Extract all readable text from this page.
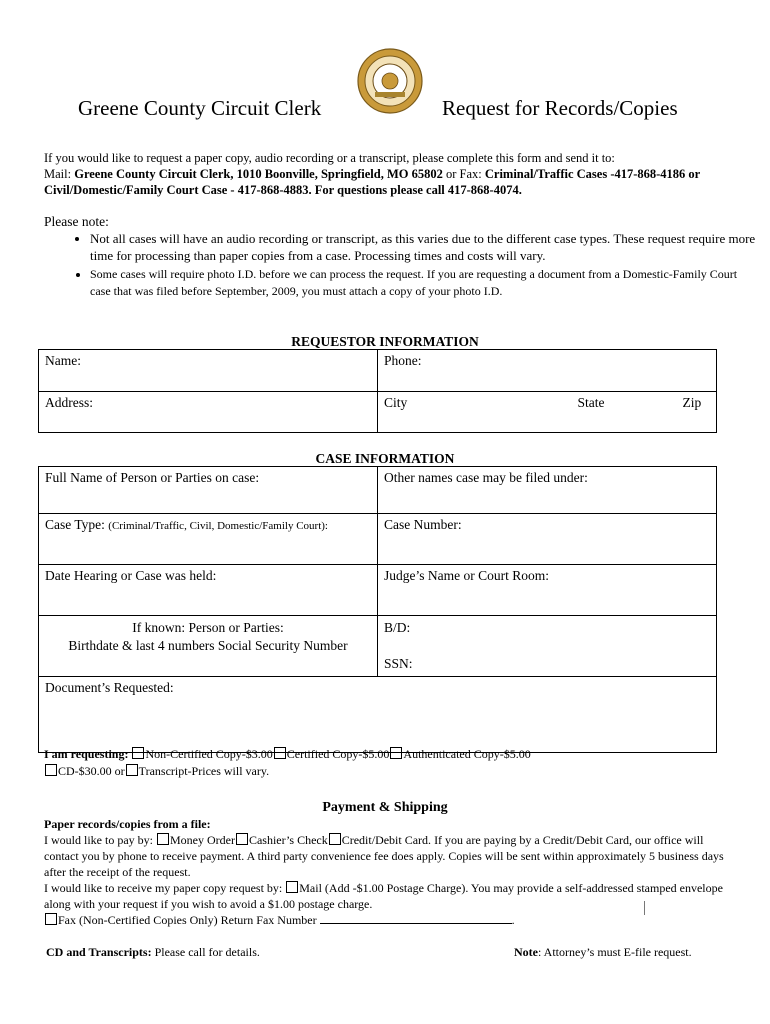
Greene County Circuit Clerk	Request for Records/Copies
If you would like to request a paper copy, audio recording or a transcript, please complete this form and send it to:
Mail: Greene County Circuit Clerk, 1010 Boonville, Springfield, MO 65802 or Fax: Criminal/Traffic Cases -417-868-4186 or Civil/Domestic/Family Court Case - 417-868-4883. For questions please call 417-868-4074.
Please note:
• Not all cases will have an audio recording or transcript, as this varies due to the different case types. These request require more time for processing than paper copies from a case. Processing times and costs will vary.
• Some cases will require photo I.D. before we can process the request. If you are requesting a document from a Domestic-Family Court case that was filed before September, 2009, you must attach a copy of your photo I.D.
REQUESTOR INFORMATION
Name:	Phone:
Address:	City State Zip
CASE INFORMATION
Full Name of Person or Parties on case:	Other names case may be filed under:
Case Type: (Criminal/Traffic, Civil, Domestic/Family Court):	Case Number:
Date Hearing or Case was held:	Judge’s Name or Court Room:
If known: Person or Parties:
Birthdate & last 4 numbers Social Security Number	B/D:

SSN:
Document’s Requested:	
I am requesting: Non-Certified Copy-$3.00 Certified Copy-$5.00 Authenticated Copy-$5.00
CD-$30.00 or Transcript-Prices will vary.
Payment & Shipping
Paper records/copies from a file:
I would like to pay by: Money Order Cashier’s Check Credit/Debit Card. If you are paying by a Credit/Debit Card, our office will contact you by phone to receive payment. A third party convenience fee does apply. Copies will be sent within approximately 5 business days after the receipt of the request.
I would like to receive my paper copy request by: Mail (Add -$1.00 Postage Charge). You may provide a self-addressed stamped envelope along with your request if you wish to avoid a $1.00 postage charge.
Fax (Non-Certified Copies Only) Return Fax Number	.
CD and Transcripts: Please call for details.	Note: Attorney’s must E-file request.
